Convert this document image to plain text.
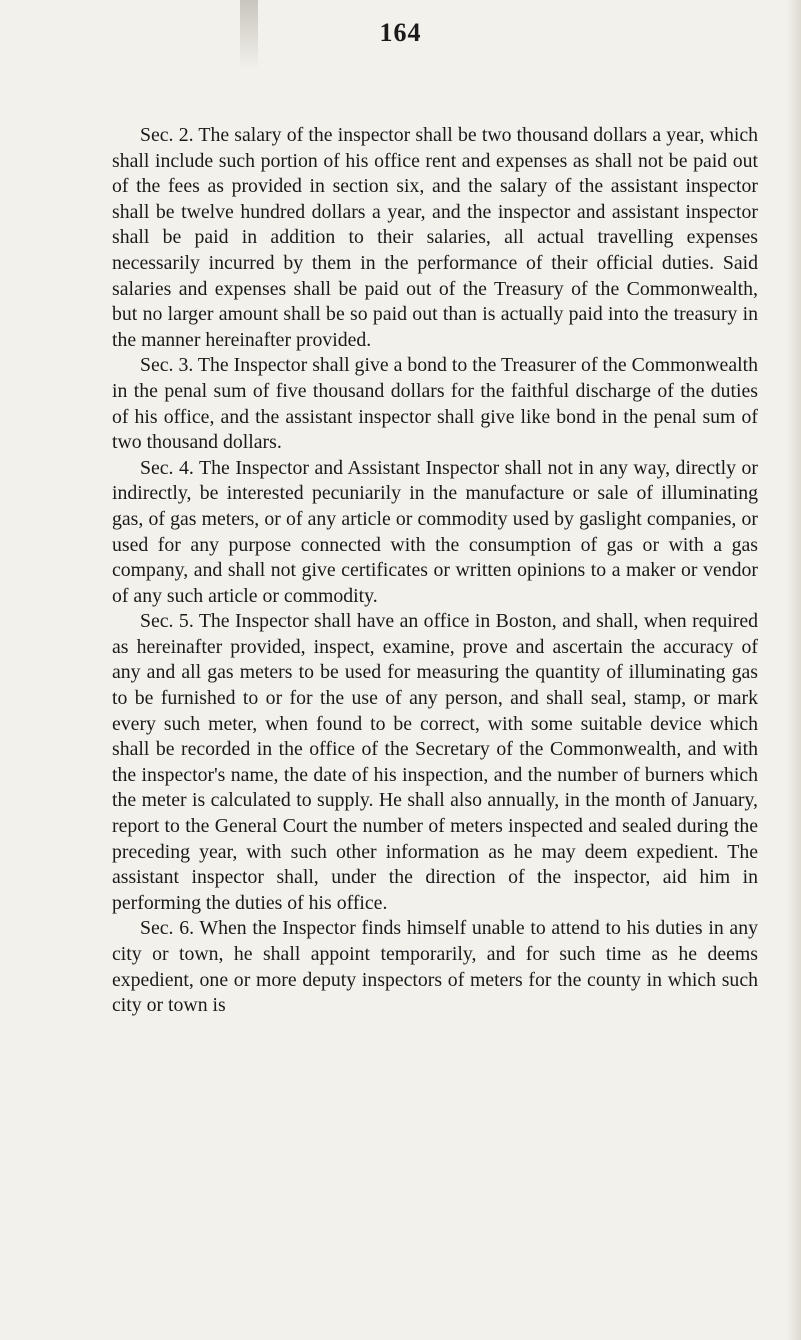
164

Sec. 2. The salary of the inspector shall be two thousand dollars a year, which shall include such portion of his office rent and expenses as shall not be paid out of the fees as provided in section six, and the salary of the assistant inspector shall be twelve hundred dollars a year, and the inspector and assistant inspector shall be paid in addition to their salaries, all actual travelling expenses necessarily incurred by them in the performance of their official duties. Said salaries and expenses shall be paid out of the Treasury of the Commonwealth, but no larger amount shall be so paid out than is actually paid into the treasury in the manner hereinafter provided.

Sec. 3. The Inspector shall give a bond to the Treasurer of the Commonwealth in the penal sum of five thousand dollars for the faithful discharge of the duties of his office, and the assistant inspector shall give like bond in the penal sum of two thousand dollars.

Sec. 4. The Inspector and Assistant Inspector shall not in any way, directly or indirectly, be interested pecuniarily in the manufacture or sale of illuminating gas, of gas meters, or of any article or commodity used by gaslight companies, or used for any purpose connected with the consumption of gas or with a gas company, and shall not give certificates or written opinions to a maker or vendor of any such article or commodity.

Sec. 5. The Inspector shall have an office in Boston, and shall, when required as hereinafter provided, inspect, examine, prove and ascertain the accuracy of any and all gas meters to be used for measuring the quantity of illuminating gas to be furnished to or for the use of any person, and shall seal, stamp, or mark every such meter, when found to be correct, with some suitable device which shall be recorded in the office of the Secretary of the Commonwealth, and with the inspector's name, the date of his inspection, and the number of burners which the meter is calculated to supply. He shall also annually, in the month of January, report to the General Court the number of meters inspected and sealed during the preceding year, with such other information as he may deem expedient. The assistant inspector shall, under the direction of the inspector, aid him in performing the duties of his office.

Sec. 6. When the Inspector finds himself unable to attend to his duties in any city or town, he shall appoint temporarily, and for such time as he deems expedient, one or more deputy inspectors of meters for the county in which such city or town is
